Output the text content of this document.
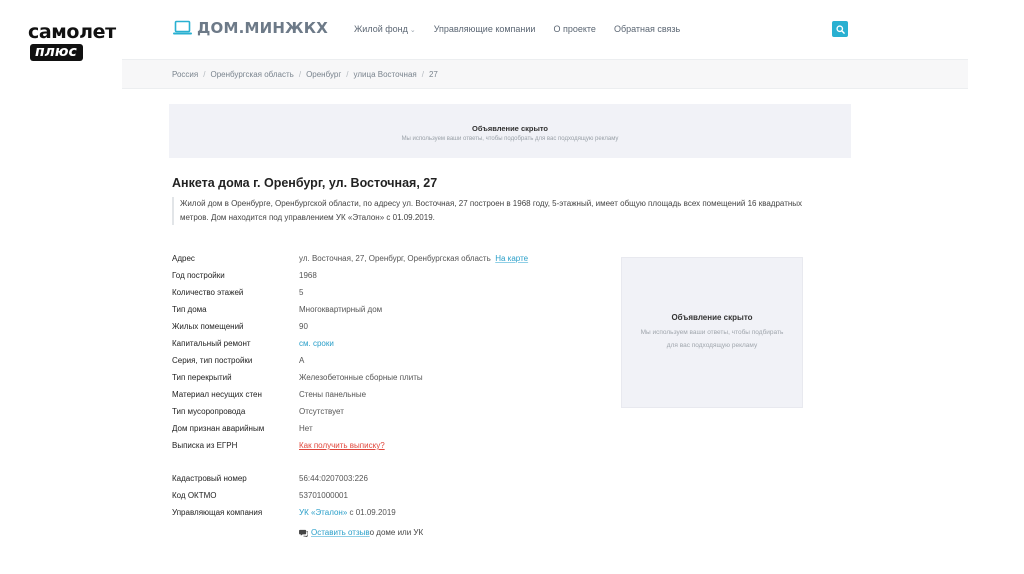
самолет
плюс
ДОМ.МИНЖКХ	Жилой фонд ⌄ Управляющие компании О проекте Обратная связь
Россия / Оренбургская область / Оренбург / улица Восточная / 27
Объявление скрыто
Мы используем ваши ответы, чтобы подобрать для вас подходящую рекламу
Анкета дома г. Оренбург, ул. Восточная, 27
Жилой дом в Оренбурге, Оренбургской области, по адресу ул. Восточная, 27 построен в 1968 году, 5-этажный, имеет общую площадь всех помещений 16 квадратных метров. Дом находится под управлением УК «Эталон» с 01.09.2019.
Адрес	ул. Восточная, 27, Оренбург, Оренбургская область На карте
Год постройки	1968
Количество этажей	5
Тип дома	Многоквартирный дом
Жилых помещений	90
Капитальный ремонт	см. сроки
Серия, тип постройки	А
Тип перекрытий	Железобетонные сборные плиты
Материал несущих стен	Стены панельные
Тип мусоропровода	Отсутствует
Дом признан аварийным	Нет
Выписка из ЕГРН	Как получить выписку?
Кадастровый номер	56:44:0207003:226
Код ОКТМО	53701000001
Управляющая компания	УК «Эталон» с 01.09.2019
Объявление скрыто
Мы используем ваши ответы, чтобы подбирать
для вас подходящую рекламу
Оставить отзыв о доме или УК
